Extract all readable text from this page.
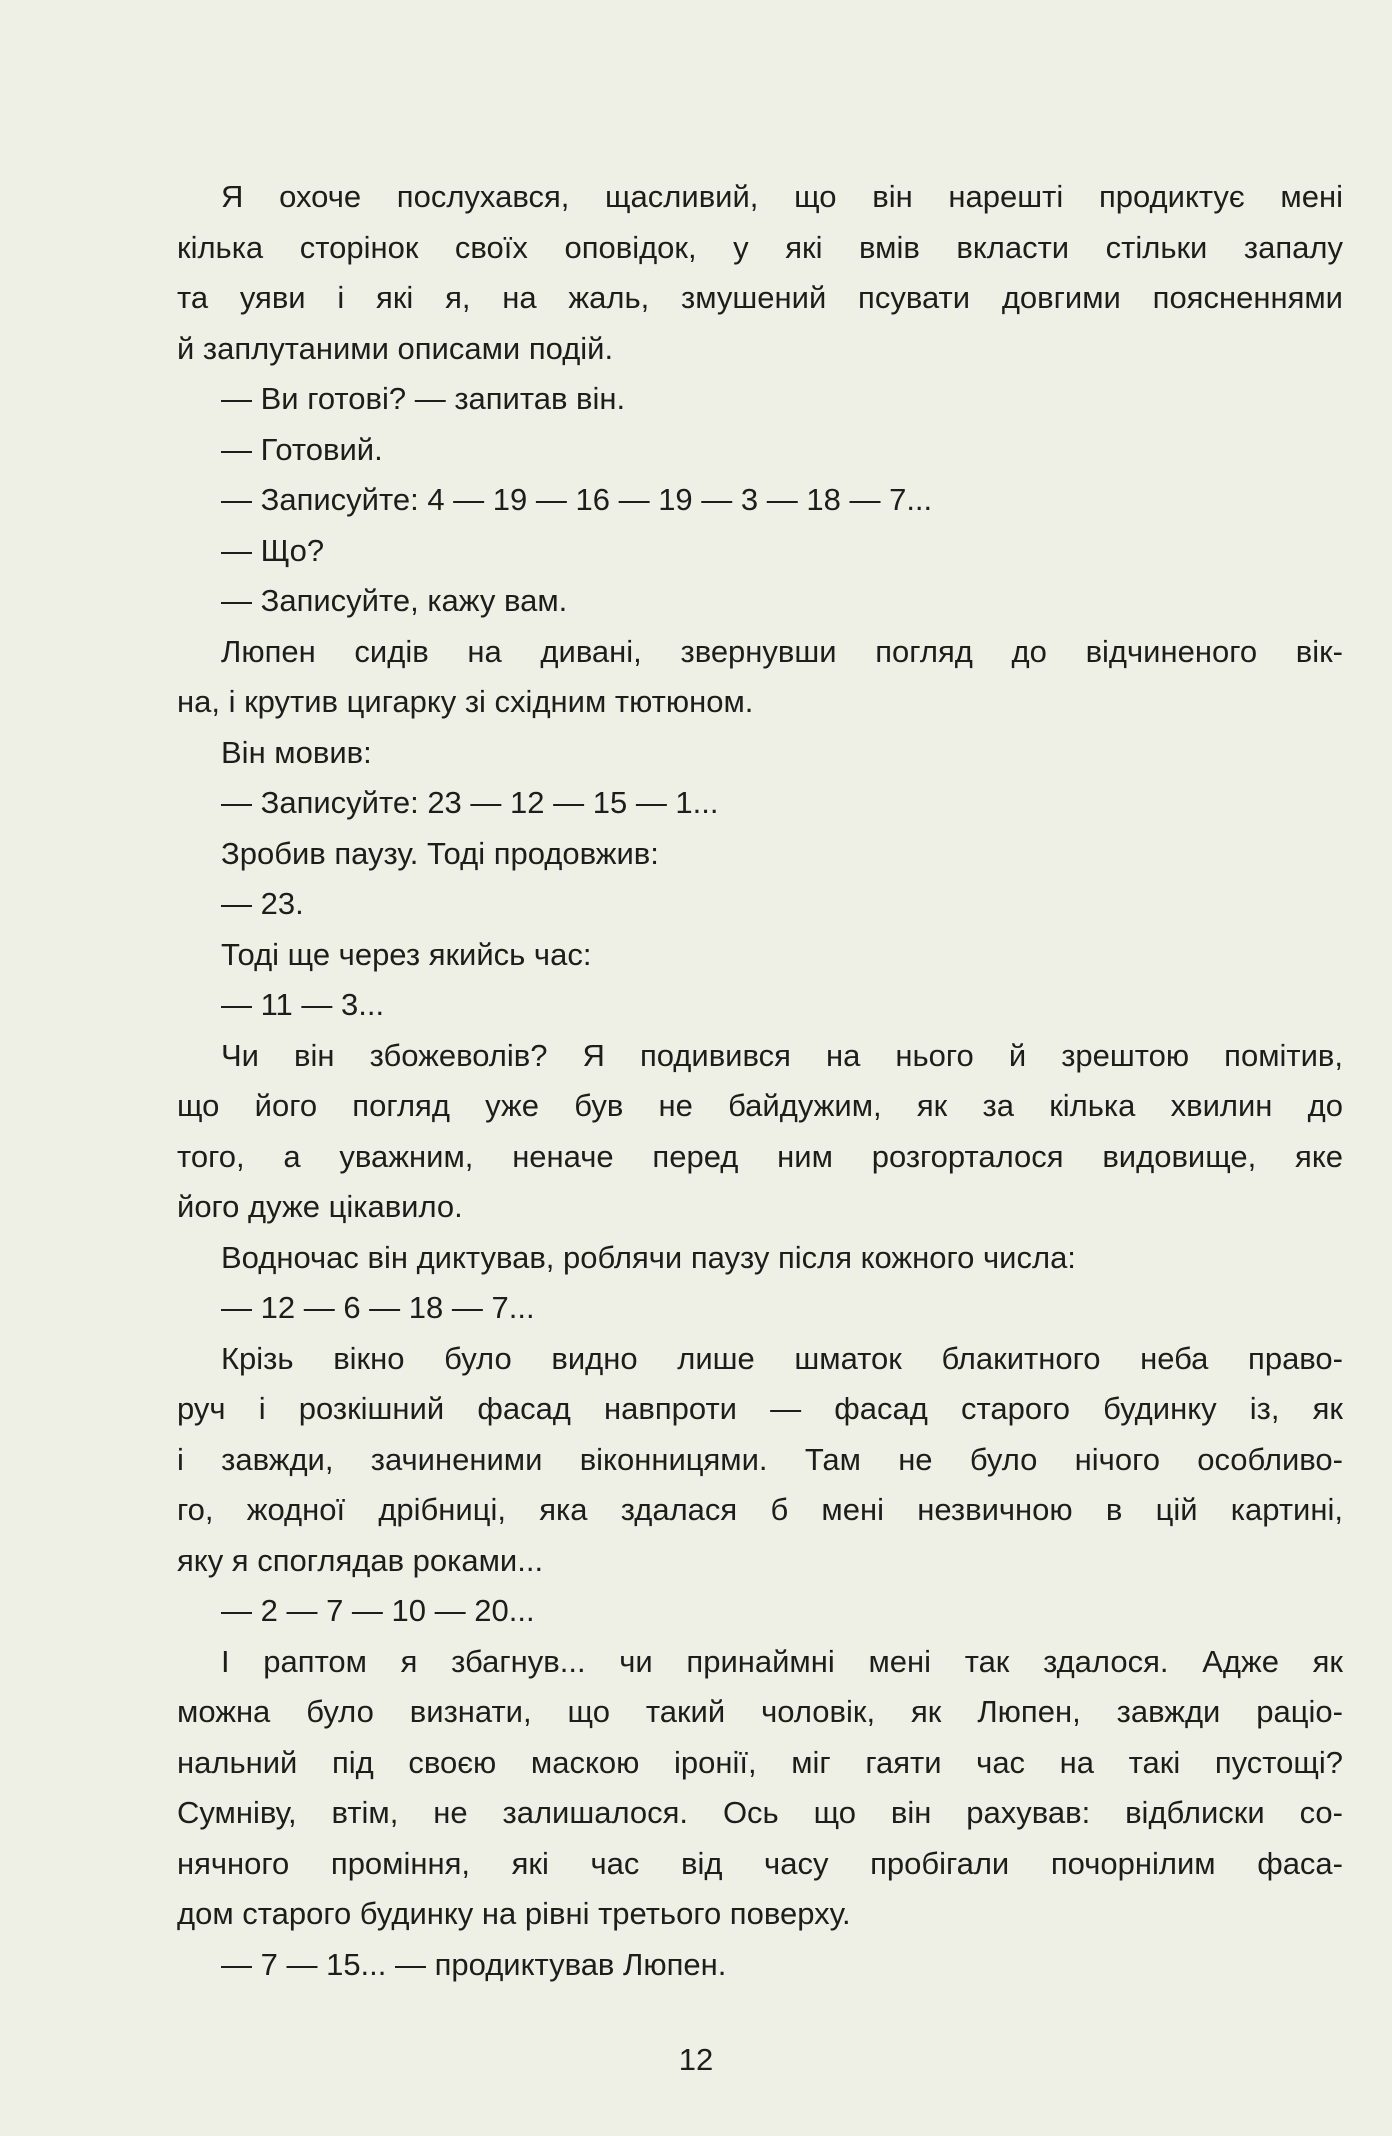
Я охоче послухався, щасливий, що він нарешті продиктує мені
кілька сторінок своїх оповідок, у які вмів вкласти стільки запалу
та уяви і які я, на жаль, змушений псувати довгими поясненнями
й заплутаними описами подій.
— Ви готові? — запитав він.
— Готовий.
— Записуйте: 4 — 19 — 16 — 19 — 3 — 18 — 7...
— Що?
— Записуйте, кажу вам.
Люпен сидів на дивані, звернувши погляд до відчиненого вік-
на, і крутив цигарку зі східним тютюном.
Він мовив:
— Записуйте: 23 — 12 — 15 — 1...
Зробив паузу. Тоді продовжив:
— 23.
Тоді ще через якийсь час:
— 11 — 3...
Чи він збожеволів? Я подивився на нього й зрештою помітив,
що його погляд уже був не байдужим, як за кілька хвилин до
того, а уважним, неначе перед ним розгорталося видовище, яке
його дуже цікавило.
Водночас він диктував, роблячи паузу після кожного числа:
— 12 — 6 — 18 — 7...
Крізь вікно було видно лише шматок блакитного неба право-
руч і розкішний фасад навпроти — фасад старого будинку із, як
і завжди, зачиненими віконницями. Там не було нічого особливо-
го, жодної дрібниці, яка здалася б мені незвичною в цій картині,
яку я споглядав роками...
— 2 — 7 — 10 — 20...
І раптом я збагнув... чи принаймні мені так здалося. Адже як
можна було визнати, що такий чоловік, як Люпен, завжди раціо-
нальний під своєю маскою іронії, міг гаяти час на такі пустощі?
Сумніву, втім, не залишалося. Ось що він рахував: відблиски со-
нячного проміння, які час від часу пробігали почорнілим фаса-
дом старого будинку на рівні третього поверху.
— 7 — 15... — продиктував Люпен.
12
